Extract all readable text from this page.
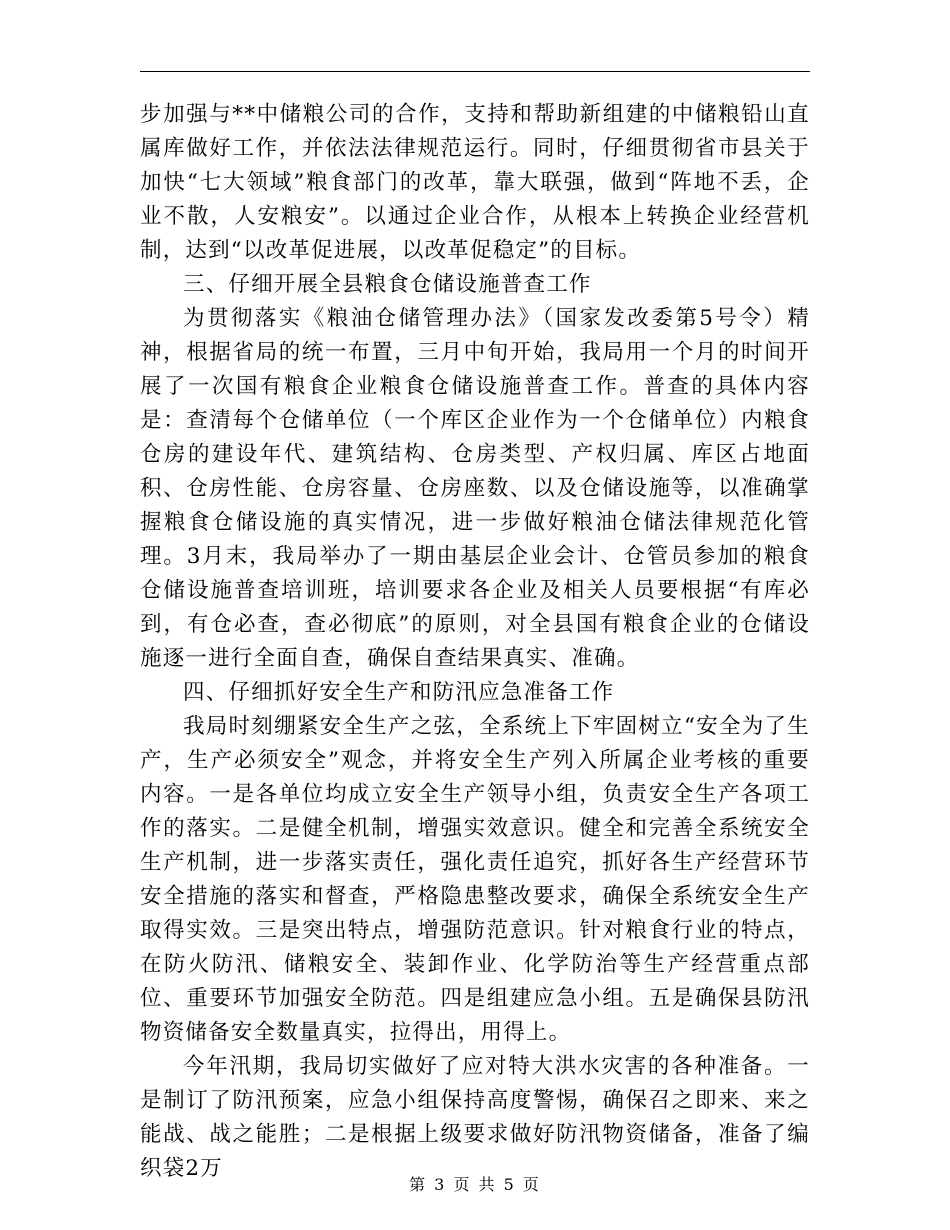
步加强与**中储粮公司的合作，支持和帮助新组建的中储粮铅山直属库做好工作，并依法法律规范运行。同时，仔细贯彻省市县关于加快“七大领域”粮食部门的改革，靠大联强，做到“阵地不丢，企业不散，人安粮安”。以通过企业合作，从根本上转换企业经营机制，达到“以改革促进展，以改革促稳定”的目标。

三、仔细开展全县粮食仓储设施普查工作

为贯彻落实《粮油仓储管理办法》（国家发改委第5号令）精神，根据省局的统一布置，三月中旬开始，我局用一个月的时间开展了一次国有粮食企业粮食仓储设施普查工作。普查的具体内容是：查清每个仓储单位（一个库区企业作为一个仓储单位）内粮食仓房的建设年代、建筑结构、仓房类型、产权归属、库区占地面积、仓房性能、仓房容量、仓房座数、以及仓储设施等，以准确掌握粮食仓储设施的真实情况，进一步做好粮油仓储法律规范化管理。3月末，我局举办了一期由基层企业会计、仓管员参加的粮食仓储设施普查培训班，培训要求各企业及相关人员要根据“有库必到，有仓必查，查必彻底”的原则，对全县国有粮食企业的仓储设施逐一进行全面自查，确保自查结果真实、准确。

四、仔细抓好安全生产和防汛应急准备工作

我局时刻绷紧安全生产之弦，全系统上下牢固树立“安全为了生产，生产必须安全”观念，并将安全生产列入所属企业考核的重要内容。一是各单位均成立安全生产领导小组，负责安全生产各项工作的落实。二是健全机制，增强实效意识。健全和完善全系统安全生产机制，进一步落实责任，强化责任追究，抓好各生产经营环节安全措施的落实和督查，严格隐患整改要求，确保全系统安全生产取得实效。三是突出特点，增强防范意识。针对粮食行业的特点，在防火防汛、储粮安全、装卸作业、化学防治等生产经营重点部位、重要环节加强安全防范。四是组建应急小组。五是确保县防汛物资储备安全数量真实，拉得出，用得上。

今年汛期，我局切实做好了应对特大洪水灾害的各种准备。一是制订了防汛预案，应急小组保持高度警惕，确保召之即来、来之能战、战之能胜；二是根据上级要求做好防汛物资储备，准备了编织袋2万

第 3 页 共 5 页
